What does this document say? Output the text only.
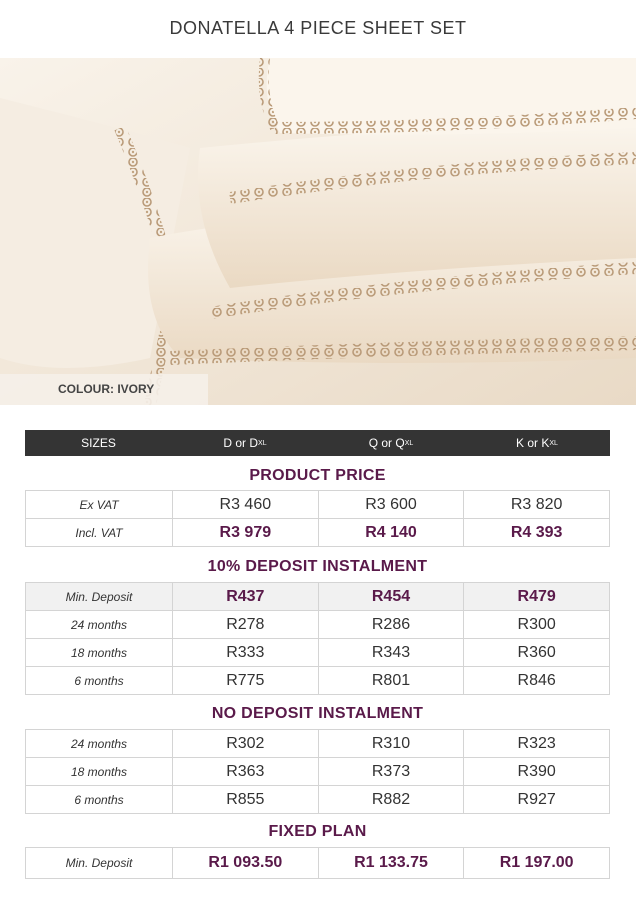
DONATELLA 4 PIECE SHEET SET
COLOUR: IVORY
SIZES	D or D XL	Q or Q XL	K or K XL
PRODUCT PRICE
Ex VAT	R3 460	R3 600	R3 820
Incl. VAT	R3 979	R4 140	R4 393
10% DEPOSIT INSTALMENT
Min. Deposit	R437	R454	R479
24 months	R278	R286	R300
18 months	R333	R343	R360
6 months	R775	R801	R846
NO DEPOSIT INSTALMENT
24 months	R302	R310	R323
18 months	R363	R373	R390
6 months	R855	R882	R927
FIXED PLAN
Min. Deposit	R1 093.50	R1 133.75	R1 197.00
